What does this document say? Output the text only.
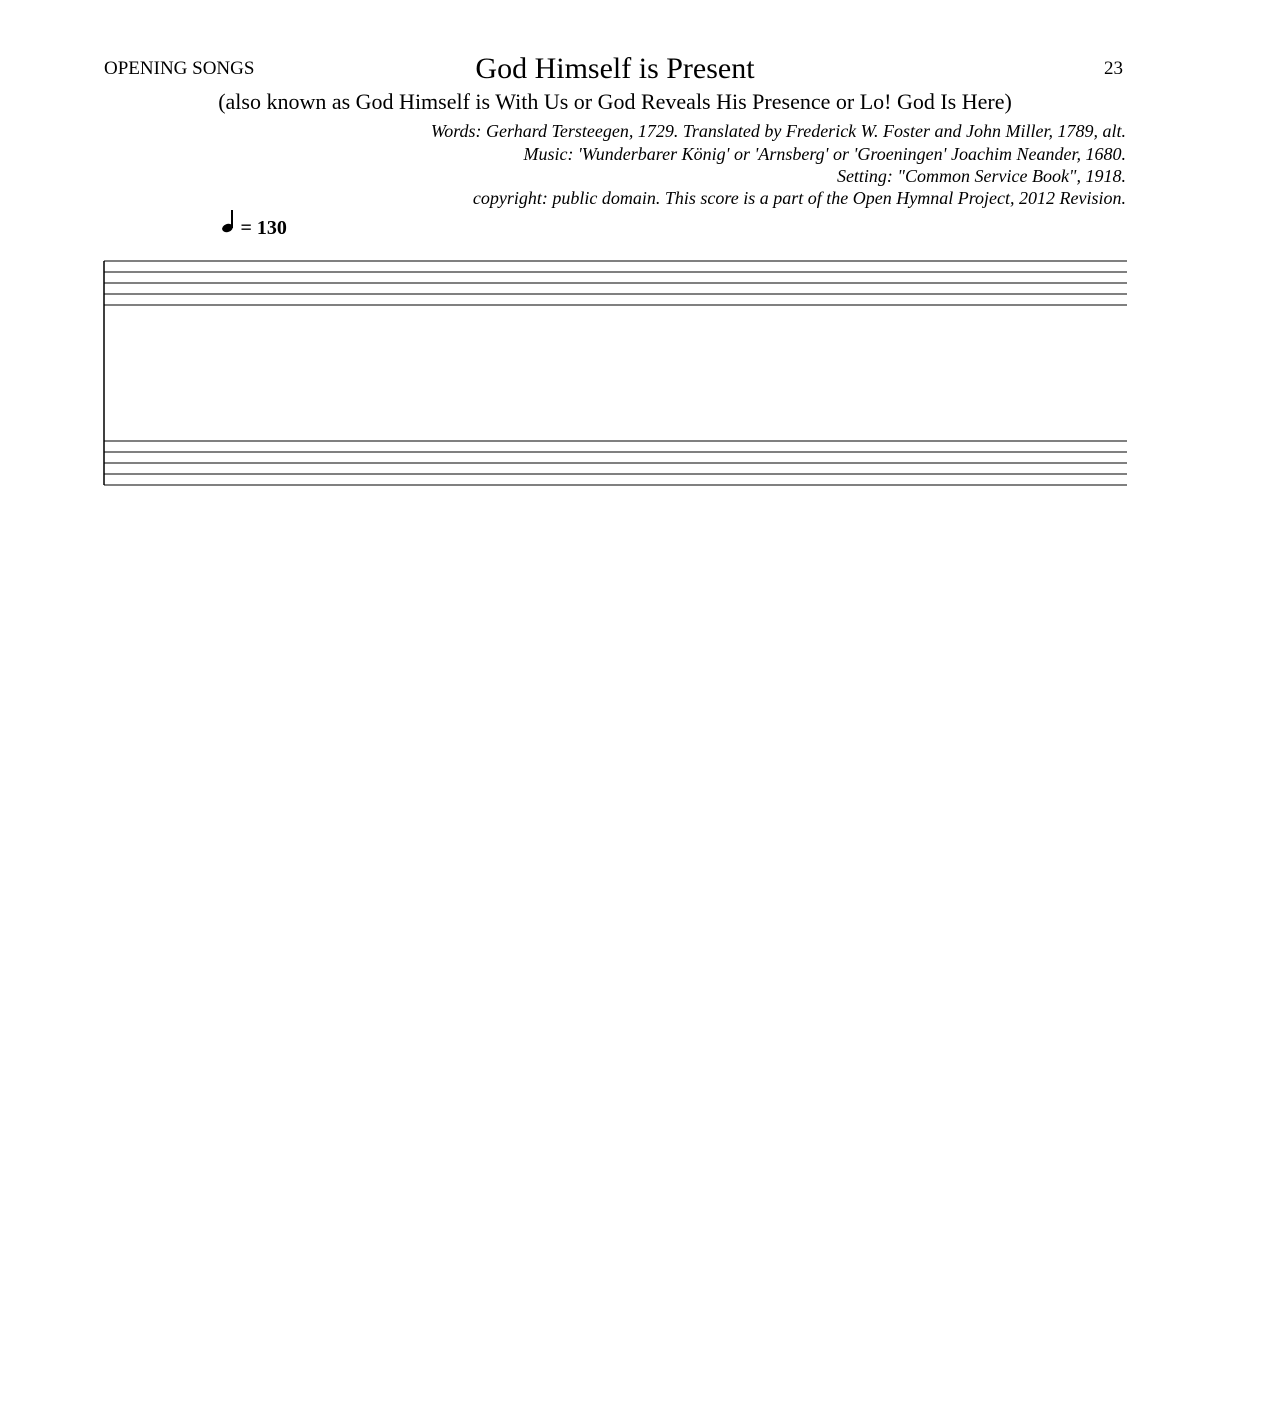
OPENING SONGS	God Himself is Present	23
(also known as God Himself is With Us or God Reveals His Presence or Lo! God Is Here)
Words: Gerhard Tersteegen, 1729. Translated by Frederick W. Foster and John Miller, 1789, alt.
Music: 'Wunderbarer König' or 'Arnsberg' or 'Groeningen' Joachim Neander, 1680.
Setting: "Common Service Book", 1918.
copyright: public domain. This score is a part of the Open Hymnal Project, 2012 Revision.
= 130
